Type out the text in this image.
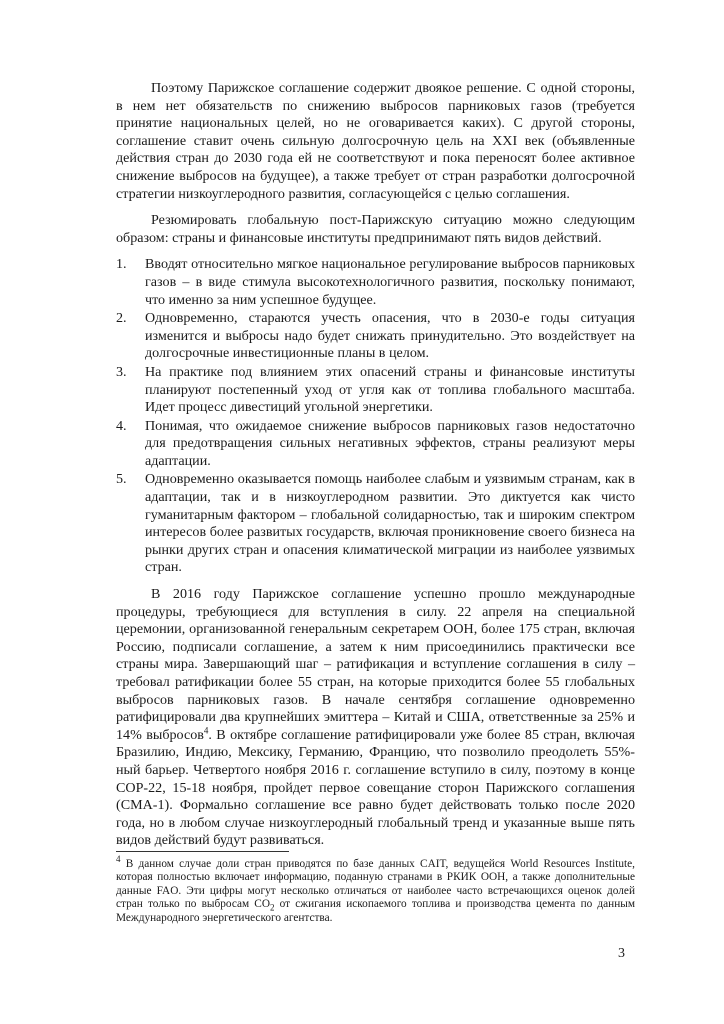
Поэтому Парижское соглашение содержит двоякое решение. С одной стороны, в нем нет обязательств по снижению выбросов парниковых газов (требуется принятие национальных целей, но не оговаривается каких). С другой стороны, соглашение ставит очень сильную долгосрочную цель на XXI век (объявленные действия стран до 2030 года ей не соответствуют и пока переносят более активное снижение выбросов на будущее), а также требует от стран разработки долгосрочной стратегии низкоуглеродного развития, согласующейся с целью соглашения.

Резюмировать глобальную пост-Парижскую ситуацию можно следующим образом: страны и финансовые институты предпринимают пять видов действий.

1. Вводят относительно мягкое национальное регулирование выбросов парниковых газов – в виде стимула высокотехнологичного развития, поскольку понимают, что именно за ним успешное будущее.
2. Одновременно, стараются учесть опасения, что в 2030-е годы ситуация изменится и выбросы надо будет снижать принудительно. Это воздействует на долгосрочные инвестиционные планы в целом.
3. На практике под влиянием этих опасений страны и финансовые институты планируют постепенный уход от угля как от топлива глобального масштаба. Идет процесс дивестиций угольной энергетики.
4. Понимая, что ожидаемое снижение выбросов парниковых газов недостаточно для предотвращения сильных негативных эффектов, страны реализуют меры адаптации.
5. Одновременно оказывается помощь наиболее слабым и уязвимым странам, как в адаптации, так и в низкоуглеродном развитии. Это диктуется как чисто гуманитарным фактором – глобальной солидарностью, так и широким спектром интересов более развитых государств, включая проникновение своего бизнеса на рынки других стран и опасения климатической миграции из наиболее уязвимых стран.

В 2016 году Парижское соглашение успешно прошло международные процедуры, требующиеся для вступления в силу. 22 апреля на специальной церемонии, организованной генеральным секретарем ООН, более 175 стран, включая Россию, подписали соглашение, а затем к ним присоединились практически все страны мира. Завершающий шаг – ратификация и вступление соглашения в силу – требовал ратификации более 55 стран, на которые приходится более 55 глобальных выбросов парниковых газов. В начале сентября соглашение одновременно ратифицировали два крупнейших эмиттера – Китай и США, ответственные за 25% и 14% выбросов$^4$. В октябре соглашение ратифицировали уже более 85 стран, включая Бразилию, Индию, Мексику, Германию, Францию, что позволило преодолеть 55%-ный барьер. Четвертого ноября 2016 г. соглашение вступило в силу, поэтому в конце COP-22, 15-18 ноября, пройдет первое совещание сторон Парижского соглашения (CMA-1). Формально соглашение все равно будет действовать только после 2020 года, но в любом случае низкоуглеродный глобальный тренд и указанные выше пять видов действий будут развиваться.

$^4$ В данном случае доли стран приводятся по базе данных CAIT, ведущейся World Resources Institute, которая полностью включает информацию, поданную странами в РКИК ООН, а также дополнительные данные FAO. Эти цифры могут несколько отличаться от наиболее часто встречающихся оценок долей стран только по выбросам $CO_2$ от сжигания ископаемого топлива и производства цемента по данным Международного энергетического агентства.

3
